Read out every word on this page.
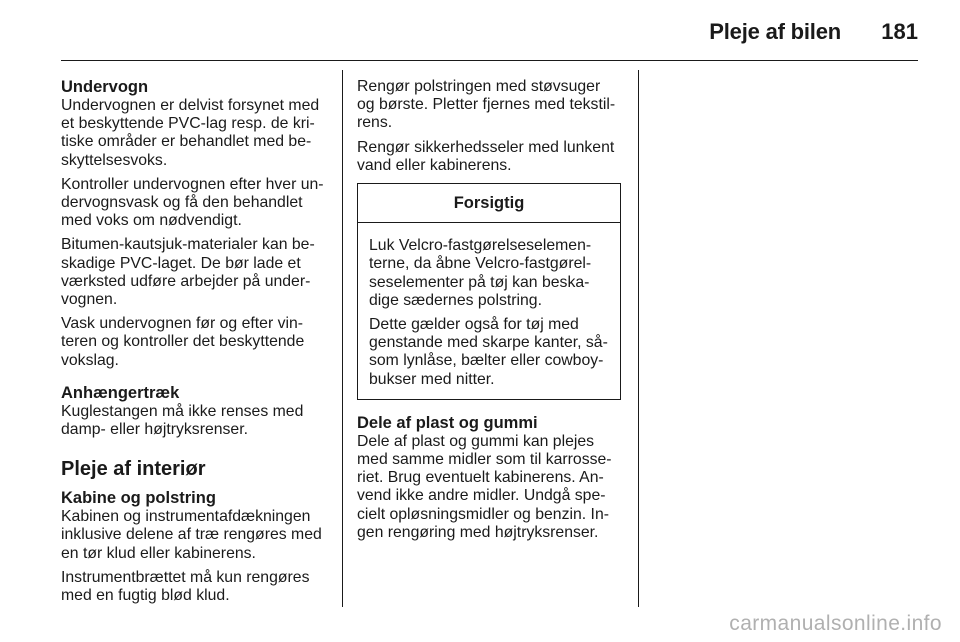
Pleje af bilen 181
Undervogn
Undervognen er delvist forsynet med
et beskyttende PVC-lag resp. de kri-
tiske områder er behandlet med be-
skyttelsesvoks.
Kontroller undervognen efter hver un-
dervognsvask og få den behandlet
med voks om nødvendigt.
Bitumen-kautsjuk-materialer kan be-
skadige PVC-laget. De bør lade et
værksted udføre arbejder på under-
vognen.
Vask undervognen før og efter vin-
teren og kontroller det beskyttende
vokslag.
Anhængertræk
Kuglestangen må ikke renses med
damp- eller højtryksrenser.
Pleje af interiør
Kabine og polstring
Kabinen og instrumentafdækningen
inklusive delene af træ rengøres med
en tør klud eller kabinerens.
Instrumentbrættet må kun rengøres
med en fugtig blød klud.
Rengør polstringen med støvsuger
og børste. Pletter fjernes med tekstil-
rens.
Rengør sikkerhedsseler med lunkent
vand eller kabinerens.
Forsigtig
Luk Velcro-fastgørelseselemen-
terne, da åbne Velcro-fastgørel-
seselementer på tøj kan beska-
dige sædernes polstring.
Dette gælder også for tøj med
genstande med skarpe kanter, så-
som lynlåse, bælter eller cowboy-
bukser med nitter.
Dele af plast og gummi
Dele af plast og gummi kan plejes
med samme midler som til karrosse-
riet. Brug eventuelt kabinerens. An-
vend ikke andre midler. Undgå spe-
cielt opløsningsmidler og benzin. In-
gen rengøring med højtryksrenser.
carmanualsonline.info
